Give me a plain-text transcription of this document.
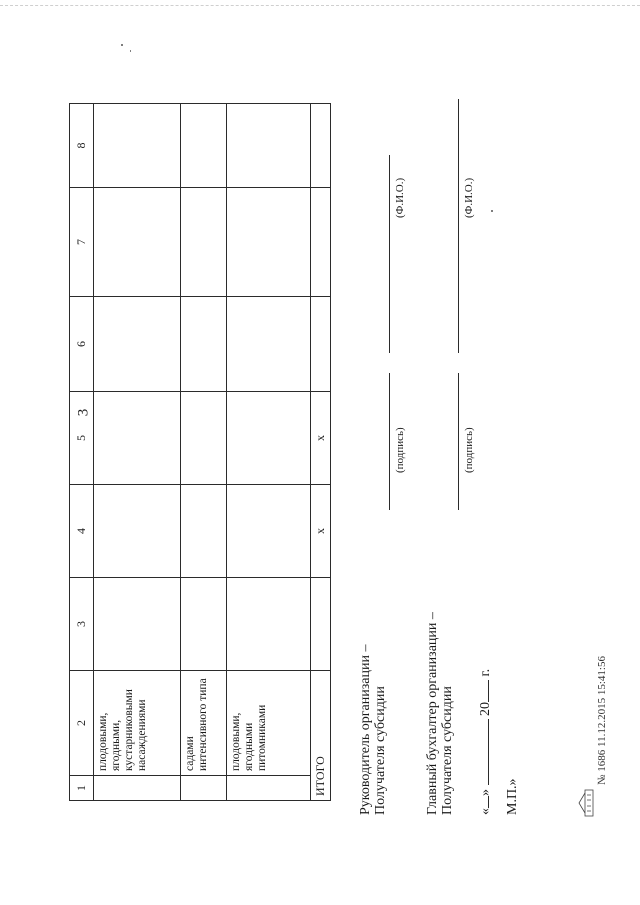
3
1	2	3	4	5	6	7	8
	плодовыми, ягодными, кустарниковыми насаждениями						
	садами интенсивного типа						
	плодовыми, ягодными питомниками						
ИТОГО			x	x			
Руководитель организации – Получателя субсидии
(подпись)
(Ф.И.О.)
Главный бухгалтер организации – Получателя субсидии
(подпись)
(Ф.И.О.)
«»  20 г.
М.П.»
№ 1686 11.12.2015 15:41:56
